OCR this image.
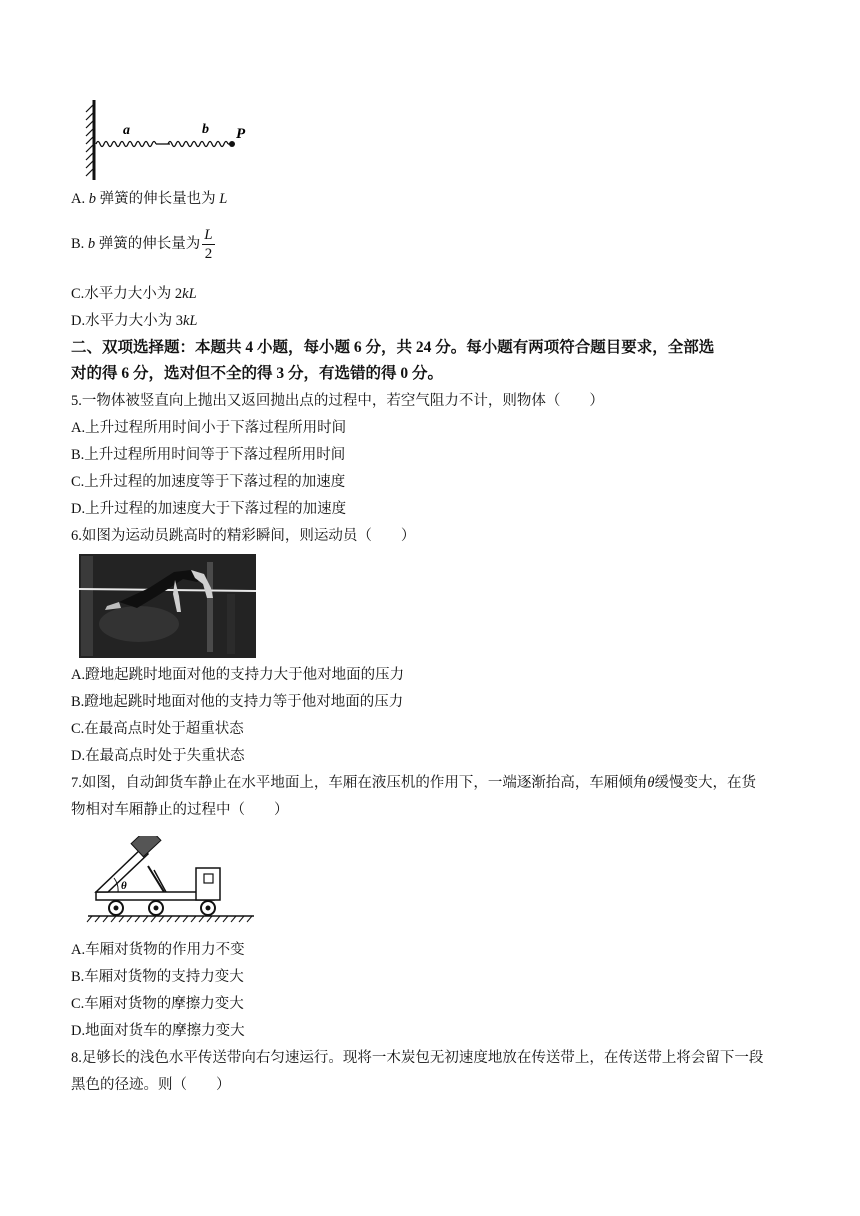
a	b P
A. b 弹簧的伸长量也为 L
B. b 弹簧的伸长量为 $\frac{L}{2}$
C.水平力大小为 2kL
D.水平力大小为 3kL
二、双项选择题：本题共 4 小题，每小题 6 分，共 24 分。每小题有两项符合题目要求，全部选
对的得 6 分，选对但不全的得 3 分，有选错的得 0 分。
5.一物体被竖直向上抛出又返回抛出点的过程中，若空气阻力不计，则物体（　　）
A.上升过程所用时间小于下落过程所用时间
B.上升过程所用时间等于下落过程所用时间
C.上升过程的加速度等于下落过程的加速度
D.上升过程的加速度大于下落过程的加速度
6.如图为运动员跳高时的精彩瞬间，则运动员（　　）
A.蹬地起跳时地面对他的支持力大于他对地面的压力
B.蹬地起跳时地面对他的支持力等于他对地面的压力
C.在最高点时处于超重状态
D.在最高点时处于失重状态
7.如图，自动卸货车静止在水平地面上，车厢在液压机的作用下，一端逐渐抬高，车厢倾角θ缓慢变大，在货
物相对车厢静止的过程中（　　）
θ
A.车厢对货物的作用力不变
B.车厢对货物的支持力变大
C.车厢对货物的摩擦力变大
D.地面对货车的摩擦力变大
8.足够长的浅色水平传送带向右匀速运行。现将一木炭包无初速度地放在传送带上，在传送带上将会留下一段
黑色的径迹。则（　　）
